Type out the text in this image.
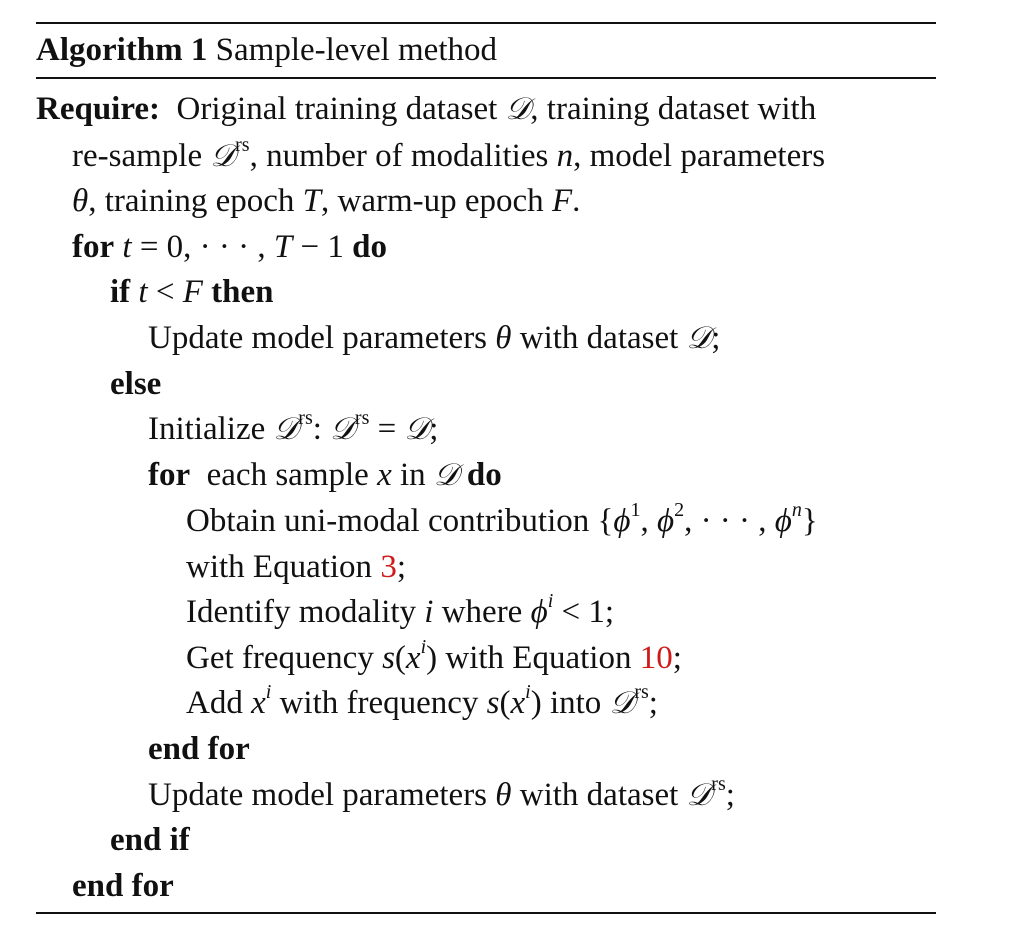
Algorithm 1 Sample-level method
Require: Original training dataset 𝒟, training dataset with
re-sample 𝒟$^{rs}$, number of modalities n, model parameters
θ, training epoch T, warm-up epoch F.
for t = 0, · · · , T − 1 do
if t < F then
Update model parameters θ with dataset 𝒟;
else
Initialize 𝒟$^{rs}$: 𝒟$^{rs}$ = 𝒟;
for each sample x in 𝒟 do
Obtain uni-modal contribution {$\phi^1$, $\phi^2$, · · · , $\phi^n$}
with Equation 3;
Identify modality i where $\phi^i < 1$;
Get frequency $s(x^i)$ with Equation 10;
Add $x^i$ with frequency $s(x^i)$ into 𝒟$^{rs}$;
end for
Update model parameters θ with dataset 𝒟$^{rs}$;
end if
end for
